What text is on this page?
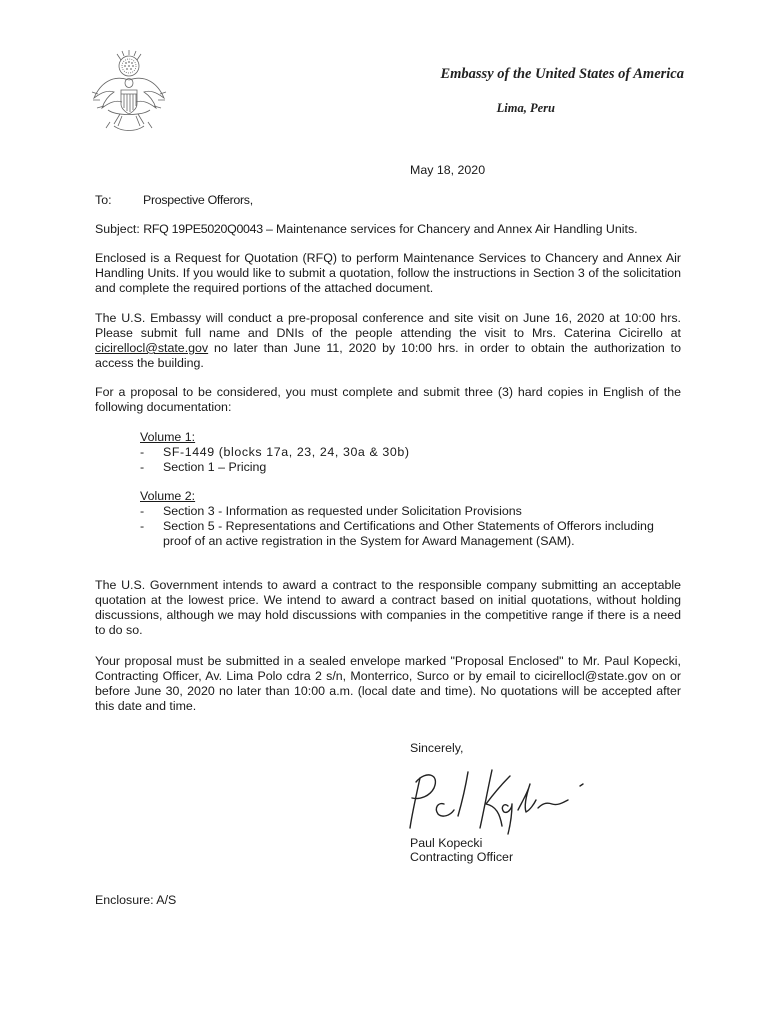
Embassy of the United States of America
Lima, Peru
May 18, 2020
To:	Prospective Offerors,
Subject: RFQ 19PE5020Q0043 – Maintenance services for Chancery and Annex Air Handling Units.

Enclosed is a Request for Quotation (RFQ) to perform Maintenance Services to Chancery and Annex Air Handling Units. If you would like to submit a quotation, follow the instructions in Section 3 of the solicitation and complete the required portions of the attached document.

The U.S. Embassy will conduct a pre-proposal conference and site visit on June 16, 2020 at 10:00 hrs. Please submit full name and DNIs of the people attending the visit to Mrs. Caterina Cicirello at cicirellocl@state.gov no later than June 11, 2020 by 10:00 hrs. in order to obtain the authorization to access the building.

For a proposal to be considered, you must complete and submit three (3) hard copies in English of the following documentation:

Volume 1:
- SF-1449 (blocks 17a, 23, 24, 30a & 30b)
- Section 1 – Pricing
Volume 2:
- Section 3 - Information as requested under Solicitation Provisions
- Section 5 - Representations and Certifications and Other Statements of Offerors including proof of an active registration in the System for Award Management (SAM).

The U.S. Government intends to award a contract to the responsible company submitting an acceptable quotation at the lowest price. We intend to award a contract based on initial quotations, without holding discussions, although we may hold discussions with companies in the competitive range if there is a need to do so.

Your proposal must be submitted in a sealed envelope marked "Proposal Enclosed" to Mr. Paul Kopecki, Contracting Officer, Av. Lima Polo cdra 2 s/n, Monterrico, Surco or by email to cicirellocl@state.gov on or before June 30, 2020 no later than 10:00 a.m. (local date and time). No quotations will be accepted after this date and time.

Sincerely,
Paul Kopecki
Contracting Officer
Enclosure: A/S
